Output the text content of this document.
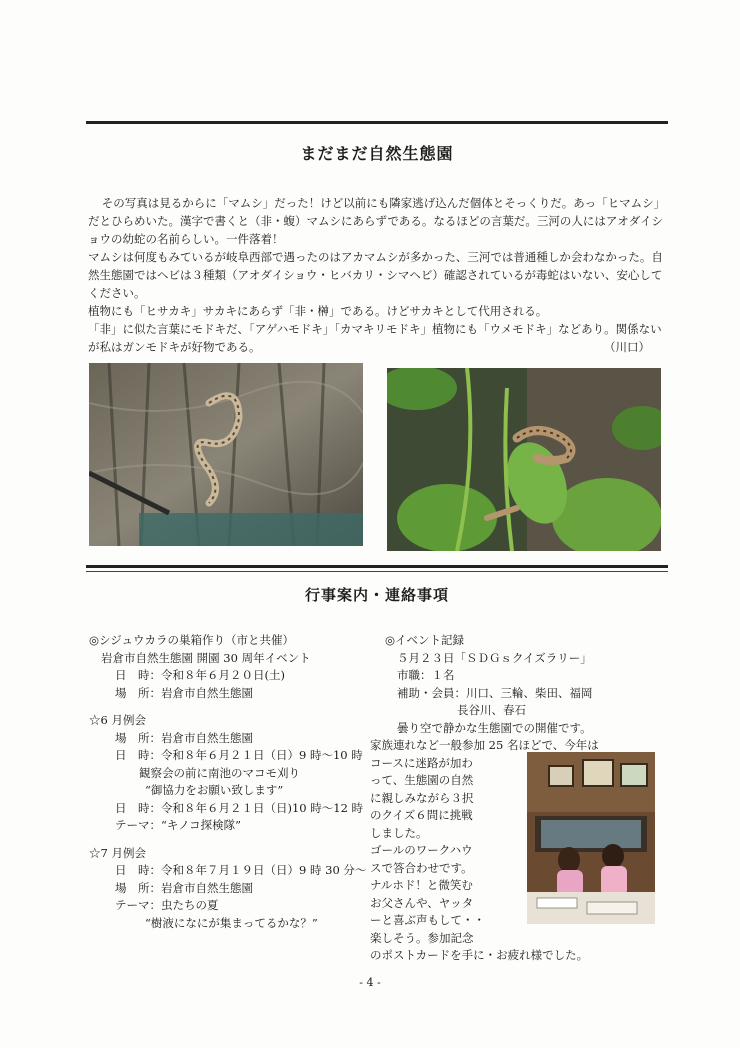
まだまだ自然生態園

その写真は見るからに「マムシ」だった！けど以前にも隣家逃げ込んだ個体とそっくりだ。あっ「ヒマムシ」だとひらめいた。漢字で書くと（非・蝮）マムシにあらずである。なるほどの言葉だ。三河の人にはアオダイショウの幼蛇の名前らしい。一件落着！

マムシは何度もみているが岐阜西部で遇ったのはアカマムシが多かった、三河では普通種しか会わなかった。自然生態園ではヘビは３種類（アオダイショウ・ヒバカリ・シマヘビ）確認されているが毒蛇はいない、安心してください。

植物にも「ヒサカキ」サカキにあらず「非・榊」である。けどサカキとして代用される。

「非」に似た言葉にモドキだ、「アゲハモドキ」「カマキリモドキ」植物にも「ウメモドキ」などあり。関係ないが私はガンモドキが好物である。	（川口）
行事案内・連絡事項
◎シジュウカラの巣箱作り（市と共催）
岩倉市自然生態園 開園 30 周年イベント
日　時：令和８年６月２０日(土)
場　所：岩倉市自然生態園
☆6 月例会
場　所：岩倉市自然生態園
日　時：令和８年６月２１日（日）9 時～10 時
観察会の前に南池のマコモ刈り
“御協力をお願い致します”
日　時：令和８年６月２１日（日)10 時～12 時
テーマ：“キノコ探検隊”
☆7 月例会
日　時：令和８年７月１９日（日）9 時 30 分～
場　所：岩倉市自然生態園
テーマ：虫たちの夏
“樹液になにが集まってるかな？”
◎イベント記録
５月２３日「ＳＤＧｓクイズラリー」
市職：１名
補助・会員：川口、三輪、柴田、福岡
長谷川、春石
曇り空で静かな生態園での開催です。
家族連れなど一般参加 25 名ほどで、今年は
コースに迷路が加わ
って、生態園の自然
に親しみながら３択
のクイズ６問に挑戦
しました。
ゴールのワークハウ
スで答合わせです。
ナルホド！と微笑む
お父さんや、ヤッタ
ーと喜ぶ声もして・・
楽しそう。参加記念
のポストカードを手に・お疲れ様でした。
- 4 -
